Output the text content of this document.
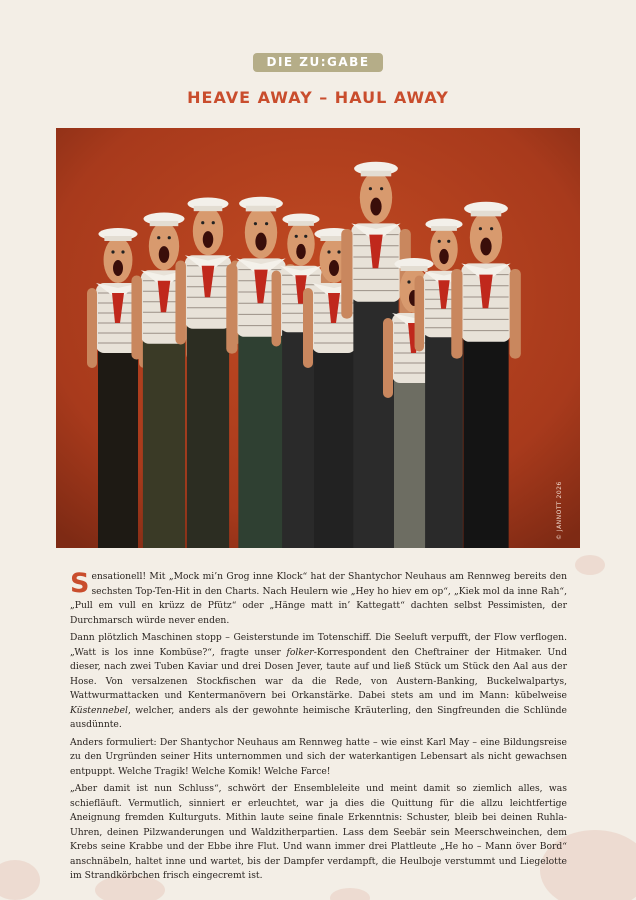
DIE ZU:GABE
HEAVE AWAY – HAUL AWAY
© JANNOTT 2026

Sensationell! Mit „Mock mi’n Grog inne Klock“ hat der Shantychor Neuhaus am Rennweg bereits den sechsten Top-Ten-Hit in den Charts. Nach Heulern wie „Hey ho hiev em op“, „Kiek mol da inne Rah“, „Pull em vull en krüzz de Pfütz“ oder „Hänge matt in’ Kattegatt“ dachten selbst Pessimisten, der Durchmarsch würde never enden.

Dann plötzlich Maschinen stopp – Geisterstunde im Totenschiff. Die Seeluft verpufft, der Flow verflogen. „Watt is los inne Kombüse?“, fragte unser folker-Korrespondent den Cheftrainer der Hitmaker. Und dieser, nach zwei Tuben Kaviar und drei Dosen Jever, taute auf und ließ Stück um Stück den Aal aus der Hose. Von versalzenen Stockfischen war da die Rede, von Austern-Banking, Buckelwalpartys, Wattwurmattacken und Kentermanövern bei Orkanstärke. Dabei stets am und im Mann: kübelweise Küstennebel, welcher, anders als der gewohnte heimische Kräuterling, den Singfreunden die Schlünde ausdünnte.

Anders formuliert: Der Shantychor Neuhaus am Rennweg hatte – wie einst Karl May – eine Bildungsreise zu den Urgründen seiner Hits unternommen und sich der waterkantigen Lebensart als nicht gewachsen entpuppt. Welche Tragik! Welche Komik! Welche Farce!

„Aber damit ist nun Schluss“, schwört der Ensembleleite und meint damit so ziemlich alles, was schiefläuft. Vermutlich, sinniert er erleuchtet, war ja dies die Quittung für die allzu leichtfertige Aneignung fremden Kulturguts. Mithin laute seine finale Erkenntnis: Schuster, bleib bei deinen Ruhla-Uhren, deinen Pilzwanderungen und Waldzitherpartien. Lass dem Seebär sein Meerschweinchen, dem Krebs seine Krabbe und der Ebbe ihre Flut. Und wann immer drei Plattleute „He ho – Mann över Bord“ anschnäbeln, haltet inne und wartet, bis der Dampfer verdampft, die Heulboje verstummt und Liegelotte im Strandkörbchen frisch eingecremt ist.
